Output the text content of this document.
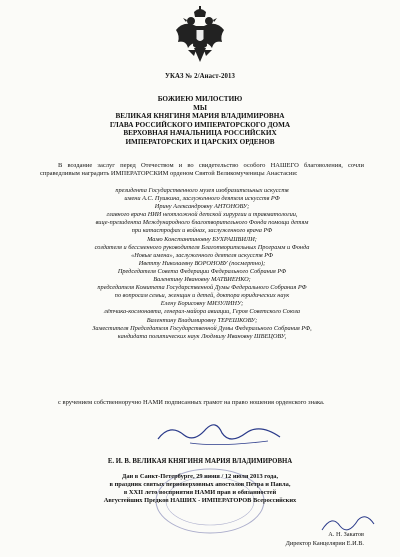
УКАЗ № 2/Анаст-2013
БОЖИЕЮ МИЛОСТИЮ
МЫ
ВЕЛИКАЯ КНЯГИНЯ МАРИЯ ВЛАДИМИРОВНА
ГЛАВА РОССИЙСКОГО ИМПЕРАТОРСКОГО ДОМА
ВЕРХОВНАЯ НАЧАЛЬНИЦА РОССИЙСКИХ
ИМПЕРАТОРСКИХ И ЦАРСКИХ ОРДЕНОВ
В воздание заслуг перед Отечеством и во свидетельство особого НАШЕГО благоволения, сочли справедливым наградить ИМПЕРАТОРСКИМ орденом Святой Великомученицы Анастасии:
президента Государственного музея изобразительных искусств
имени А.С. Пушкина, заслуженного деятеля искусств РФ
Ирину Александровну АНТОНОВУ;
главного врача НИИ неотложной детской хирургии и травматологии,
вице-президента Международного благотворительного Фонда помощи детям
при катастрофах и войнах, заслуженного врача РФ
Мамо Константиновну БУХРАШВИЛИ;
создателя и бессменного руководителя Благотворительных Программ и Фонда
«Новые имена», заслуженного деятеля искусств РФ
Иветту Николаевну ВОРОНОВУ (посмертно);
Председателя Совета Федерации Федерального Собрания РФ
Валентину Ивановну МАТВИЕНКО;
председателя Комитета Государственной Думы Федерального Собрания РФ
по вопросам семьи, женщин и детей, доктора юридических наук
Елену Борисовну МИЗУЛИНУ;
лётчика-космонавта, генерал-майора авиации, Героя Советского Союза
Валентину Владимировну ТЕРЕШКОВУ;
Заместителя Председателя Государственной Думы Федерального Собрания РФ,
кандидата политических наук Людмилу Ивановну ШВЕЦОВУ,
с вручением собственноручно НАМИ подписанных грамот на право ношения орденского знака.
Е. И. В. ВЕЛИКАЯ КНЯГИНЯ МАРИЯ ВЛАДИМИРОВНА
Дан в Санкт-Петербурге, 29 июня / 12 июля 2013 года,
в праздник святых первоверховных апостолов Петра и Павла,
в XXII лето восприятия НАМИ прав и обязанностей
Августейших Предков НАШИХ - ИМПЕРАТОРОВ Всероссийских
А. Н. Закатов
Директор Канцелярии Е.И.В.
